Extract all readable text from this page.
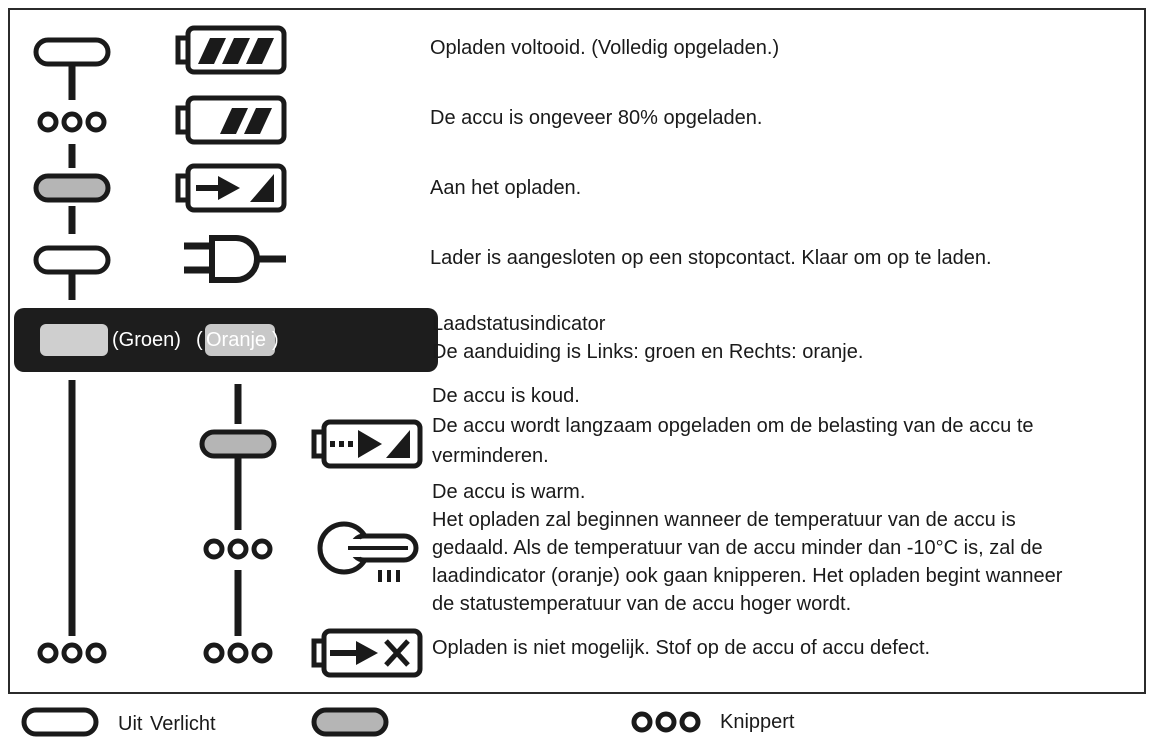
Opladen voltooid. (Volledig opgeladen.)
De accu is ongeveer 80% opgeladen.
Aan het opladen.
Lader is aangesloten op een stopcontact. Klaar om op te laden.
(Groen) ( Oranje )
Laadstatusindicator
De aanduiding is Links: groen en Rechts: oranje.
De accu is koud.
De accu wordt langzaam opgeladen om de belasting van de accu te
verminderen.
De accu is warm.
Het opladen zal beginnen wanneer de temperatuur van de accu is
gedaald. Als de temperatuur van de accu minder dan -10°C is, zal de
laadindicator (oranje) ook gaan knipperen. Het opladen begint wanneer
de statustemperatuur van de accu hoger wordt.
Opladen is niet mogelijk. Stof op de accu of accu defect.
Uit Verlicht	Knippert
